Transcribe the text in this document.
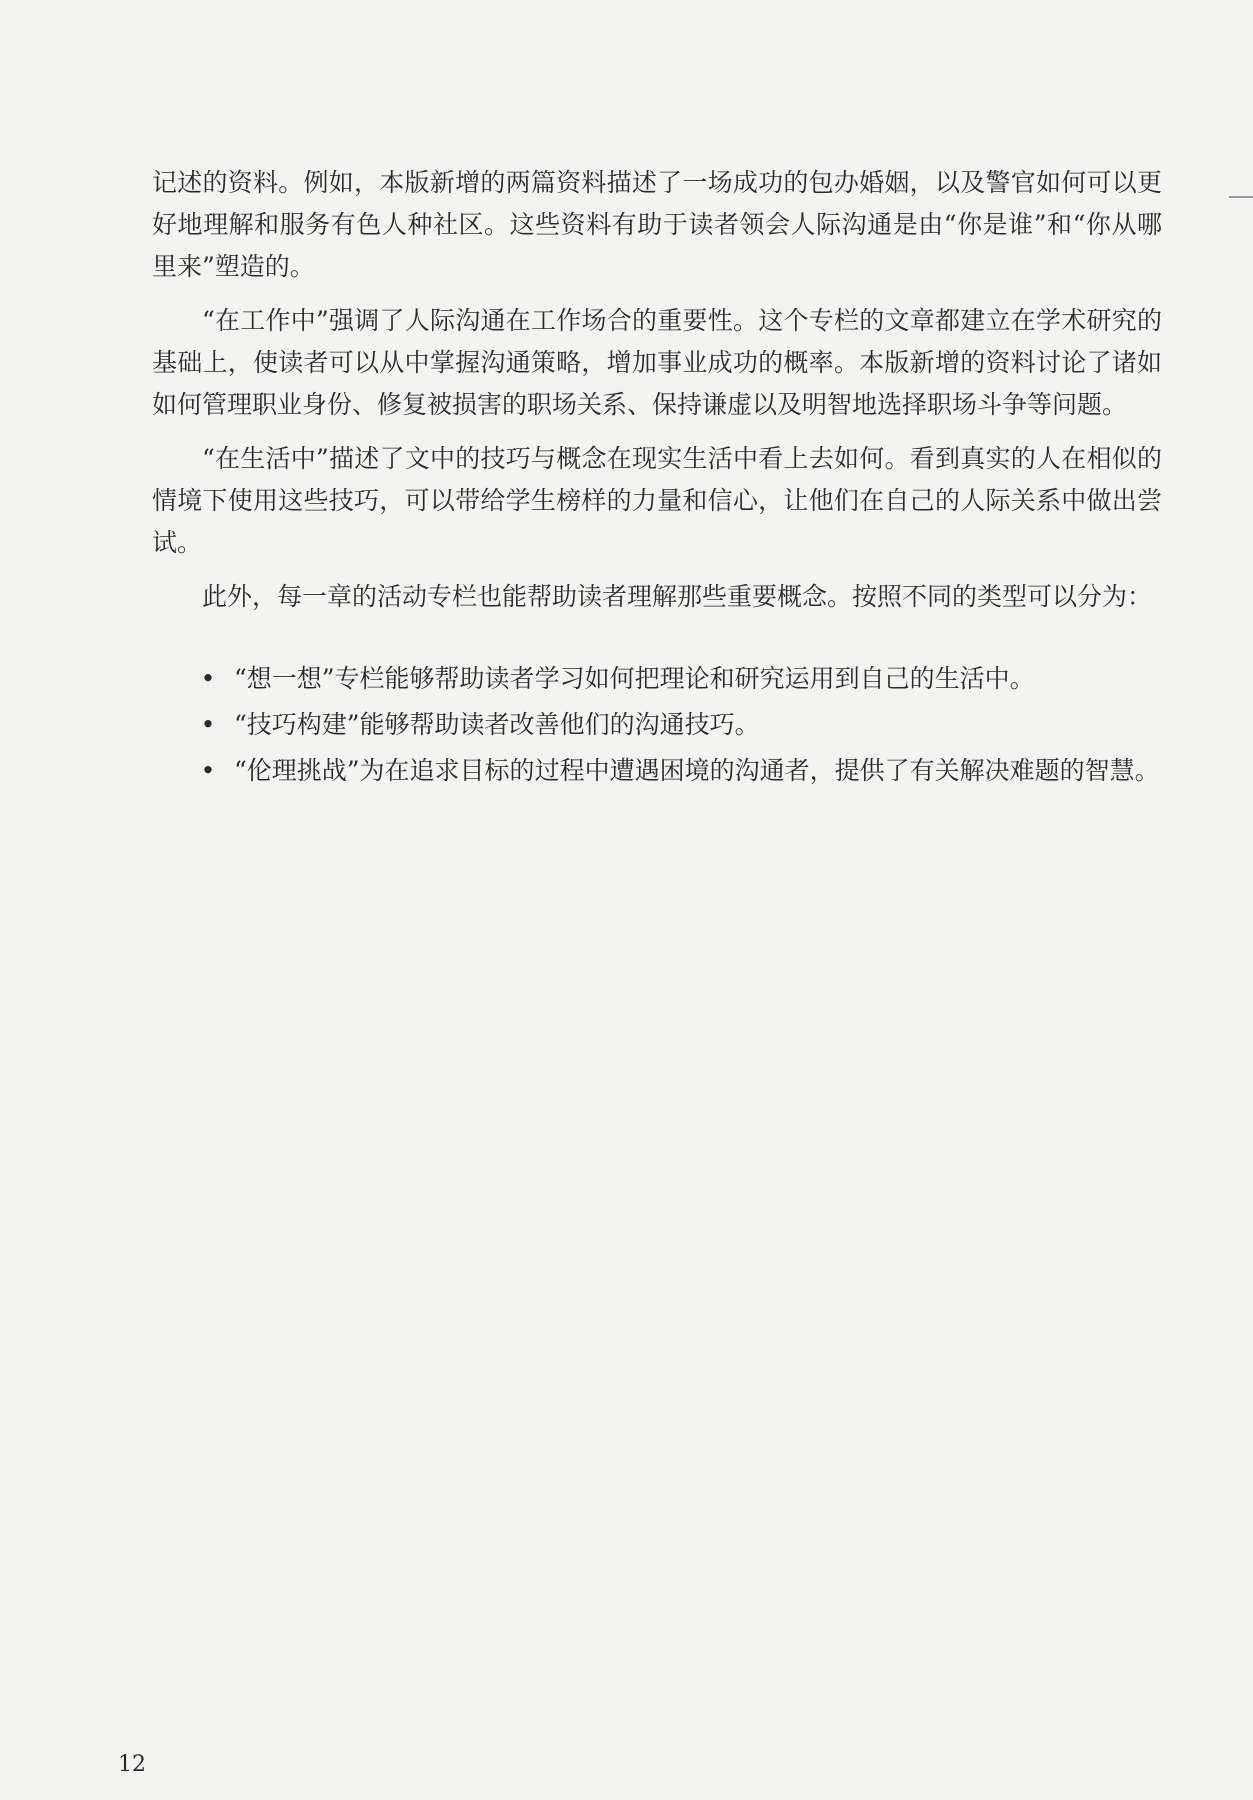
记述的资料。例如，本版新增的两篇资料描述了一场成功的包办婚姻，以及警官如何可以更好地理解和服务有色人种社区。这些资料有助于读者领会人际沟通是由“你是谁”和“你从哪里来”塑造的。

“在工作中”强调了人际沟通在工作场合的重要性。这个专栏的文章都建立在学术研究的基础上，使读者可以从中掌握沟通策略，增加事业成功的概率。本版新增的资料讨论了诸如如何管理职业身份、修复被损害的职场关系、保持谦虚以及明智地选择职场斗争等问题。

“在生活中”描述了文中的技巧与概念在现实生活中看上去如何。看到真实的人在相似的情境下使用这些技巧，可以带给学生榜样的力量和信心，让他们在自己的人际关系中做出尝试。

此外，每一章的活动专栏也能帮助读者理解那些重要概念。按照不同的类型可以分为：

• “想一想”专栏能够帮助读者学习如何把理论和研究运用到自己的生活中。
• “技巧构建”能够帮助读者改善他们的沟通技巧。
• “伦理挑战”为在追求目标的过程中遭遇困境的沟通者，提供了有关解决难题的智慧。
12
